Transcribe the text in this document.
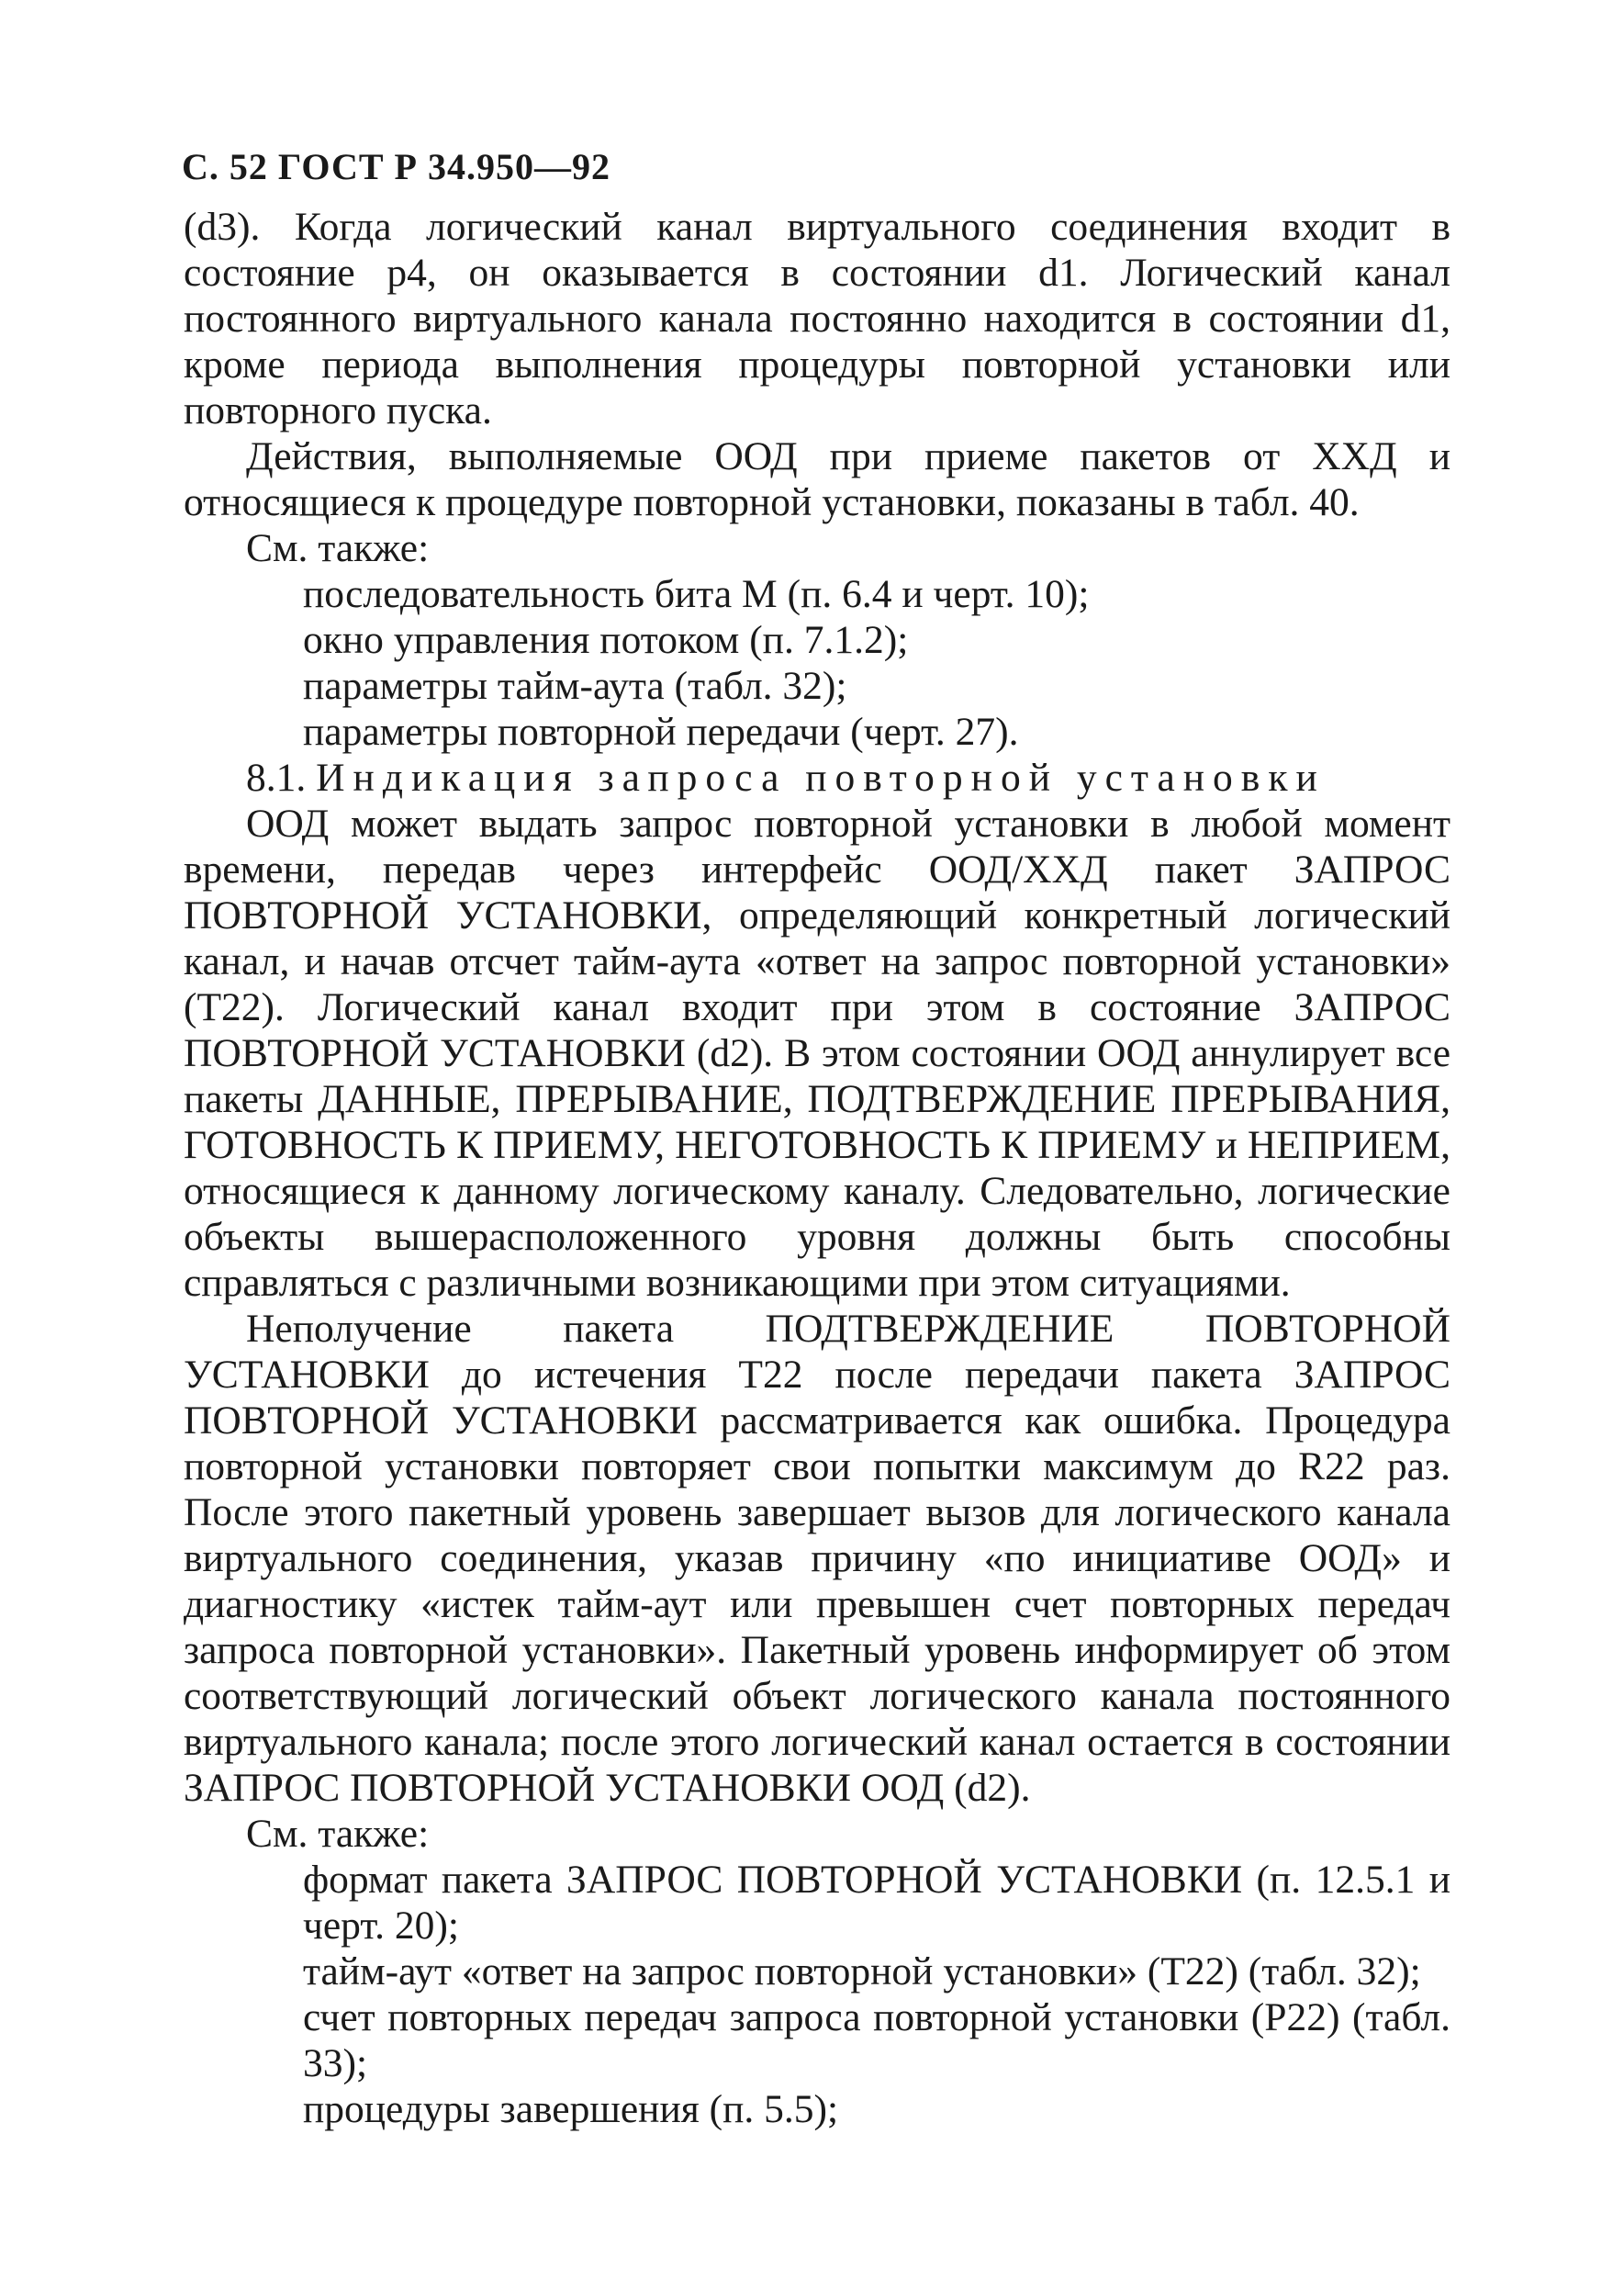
С. 52 ГОСТ Р 34.950—92

(d3). Когда логический канал виртуального соединения входит в состояние р4, он оказывается в состоянии d1. Логический канал постоянного виртуального канала постоянно находится в состоянии d1, кроме периода выполнения процедуры повторной установки или повторного пуска.

Действия, выполняемые ООД при приеме пакетов от ХХД и относящиеся к процедуре повторной установки, показаны в табл. 40.

См. также:

последовательность бита М (п. 6.4 и черт. 10);
окно управления потоком (п. 7.1.2);
параметры тайм-аута (табл. 32);
параметры повторной передачи (черт. 27).

8.1. Индикация запроса повторной установки

ООД может выдать запрос повторной установки в любой момент времени, передав через интерфейс ООД/ХХД пакет ЗАПРОС ПОВТОРНОЙ УСТАНОВКИ, определяющий конкретный логический канал, и начав отсчет тайм-аута «ответ на запрос повторной установки» (Т22). Логический канал входит при этом в состояние ЗАПРОС ПОВТОРНОЙ УСТАНОВКИ (d2). В этом состоянии ООД аннулирует все пакеты ДАННЫЕ, ПРЕРЫВАНИЕ, ПОДТВЕРЖДЕНИЕ ПРЕРЫВАНИЯ, ГОТОВНОСТЬ К ПРИЕМУ, НЕГОТОВНОСТЬ К ПРИЕМУ и НЕПРИЕМ, относящиеся к данному логическому каналу. Следовательно, логические объекты вышерасположенного уровня должны быть способны справляться с различными возникающими при этом ситуациями.

Неполучение пакета ПОДТВЕРЖДЕНИЕ ПОВТОРНОЙ УСТАНОВКИ до истечения Т22 после передачи пакета ЗАПРОС ПОВТОРНОЙ УСТАНОВКИ рассматривается как ошибка. Процедура повторной установки повторяет свои попытки максимум до R22 раз. После этого пакетный уровень завершает вызов для логического канала виртуального соединения, указав причину «по инициативе ООД» и диагностику «истек тайм-аут или превышен счет повторных передач запроса повторной установки». Пакетный уровень информирует об этом соответствующий логический объект логического канала постоянного виртуального канала; после этого логический канал остается в состоянии ЗАПРОС ПОВТОРНОЙ УСТАНОВКИ ООД (d2).

См. также:

формат пакета ЗАПРОС ПОВТОРНОЙ УСТАНОВКИ (п. 12.5.1 и черт. 20);
тайм-аут «ответ на запрос повторной установки» (Т22) (табл. 32);
счет повторных передач запроса повторной установки (Р22) (табл. 33);
процедуры завершения (п. 5.5);
